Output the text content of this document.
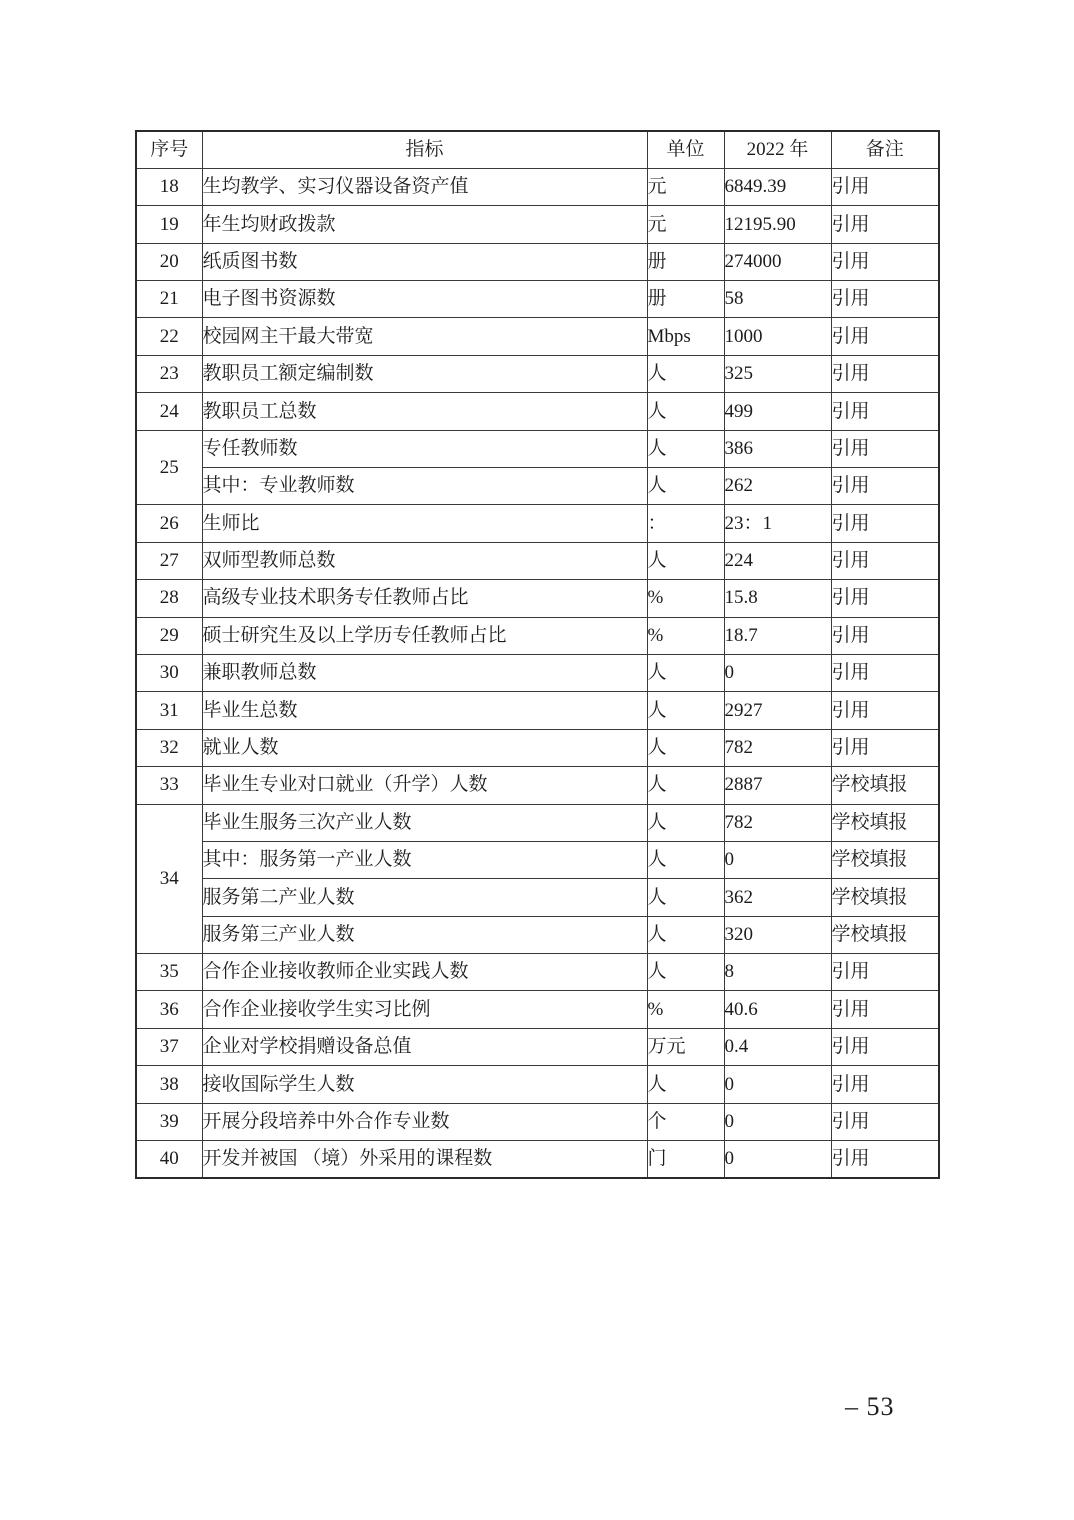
序号	指标	单位	2022 年	备注
18	生均教学、实习仪器设备资产值	元	6849.39	引用
19	年生均财政拨款	元	12195.90	引用
20	纸质图书数	册	274000	引用
21	电子图书资源数	册	58	引用
22	校园网主干最大带宽	Mbps	1000	引用
23	教职员工额定编制数	人	325	引用
24	教职员工总数	人	499	引用
25	专任教师数	人	386	引用
	其中：专业教师数	人	262	引用
26	生师比	：	23：1	引用
27	双师型教师总数	人	224	引用
28	高级专业技术职务专任教师占比	%	15.8	引用
29	硕士研究生及以上学历专任教师占比	%	18.7	引用
30	兼职教师总数	人	0	引用
31	毕业生总数	人	2927	引用
32	就业人数	人	782	引用
33	毕业生专业对口就业（升学）人数	人	2887	学校填报
34	毕业生服务三次产业人数	人	782	学校填报
	其中：服务第一产业人数	人	0	学校填报
	服务第二产业人数	人	362	学校填报
	服务第三产业人数	人	320	学校填报
35	合作企业接收教师企业实践人数	人	8	引用
36	合作企业接收学生实习比例	%	40.6	引用
37	企业对学校捐赠设备总值	万元	0.4	引用
38	接收国际学生人数	人	0	引用
39	开展分段培养中外合作专业数	个	0	引用
40	开发并被国 （境）外采用的课程数	门	0	引用
– 53
